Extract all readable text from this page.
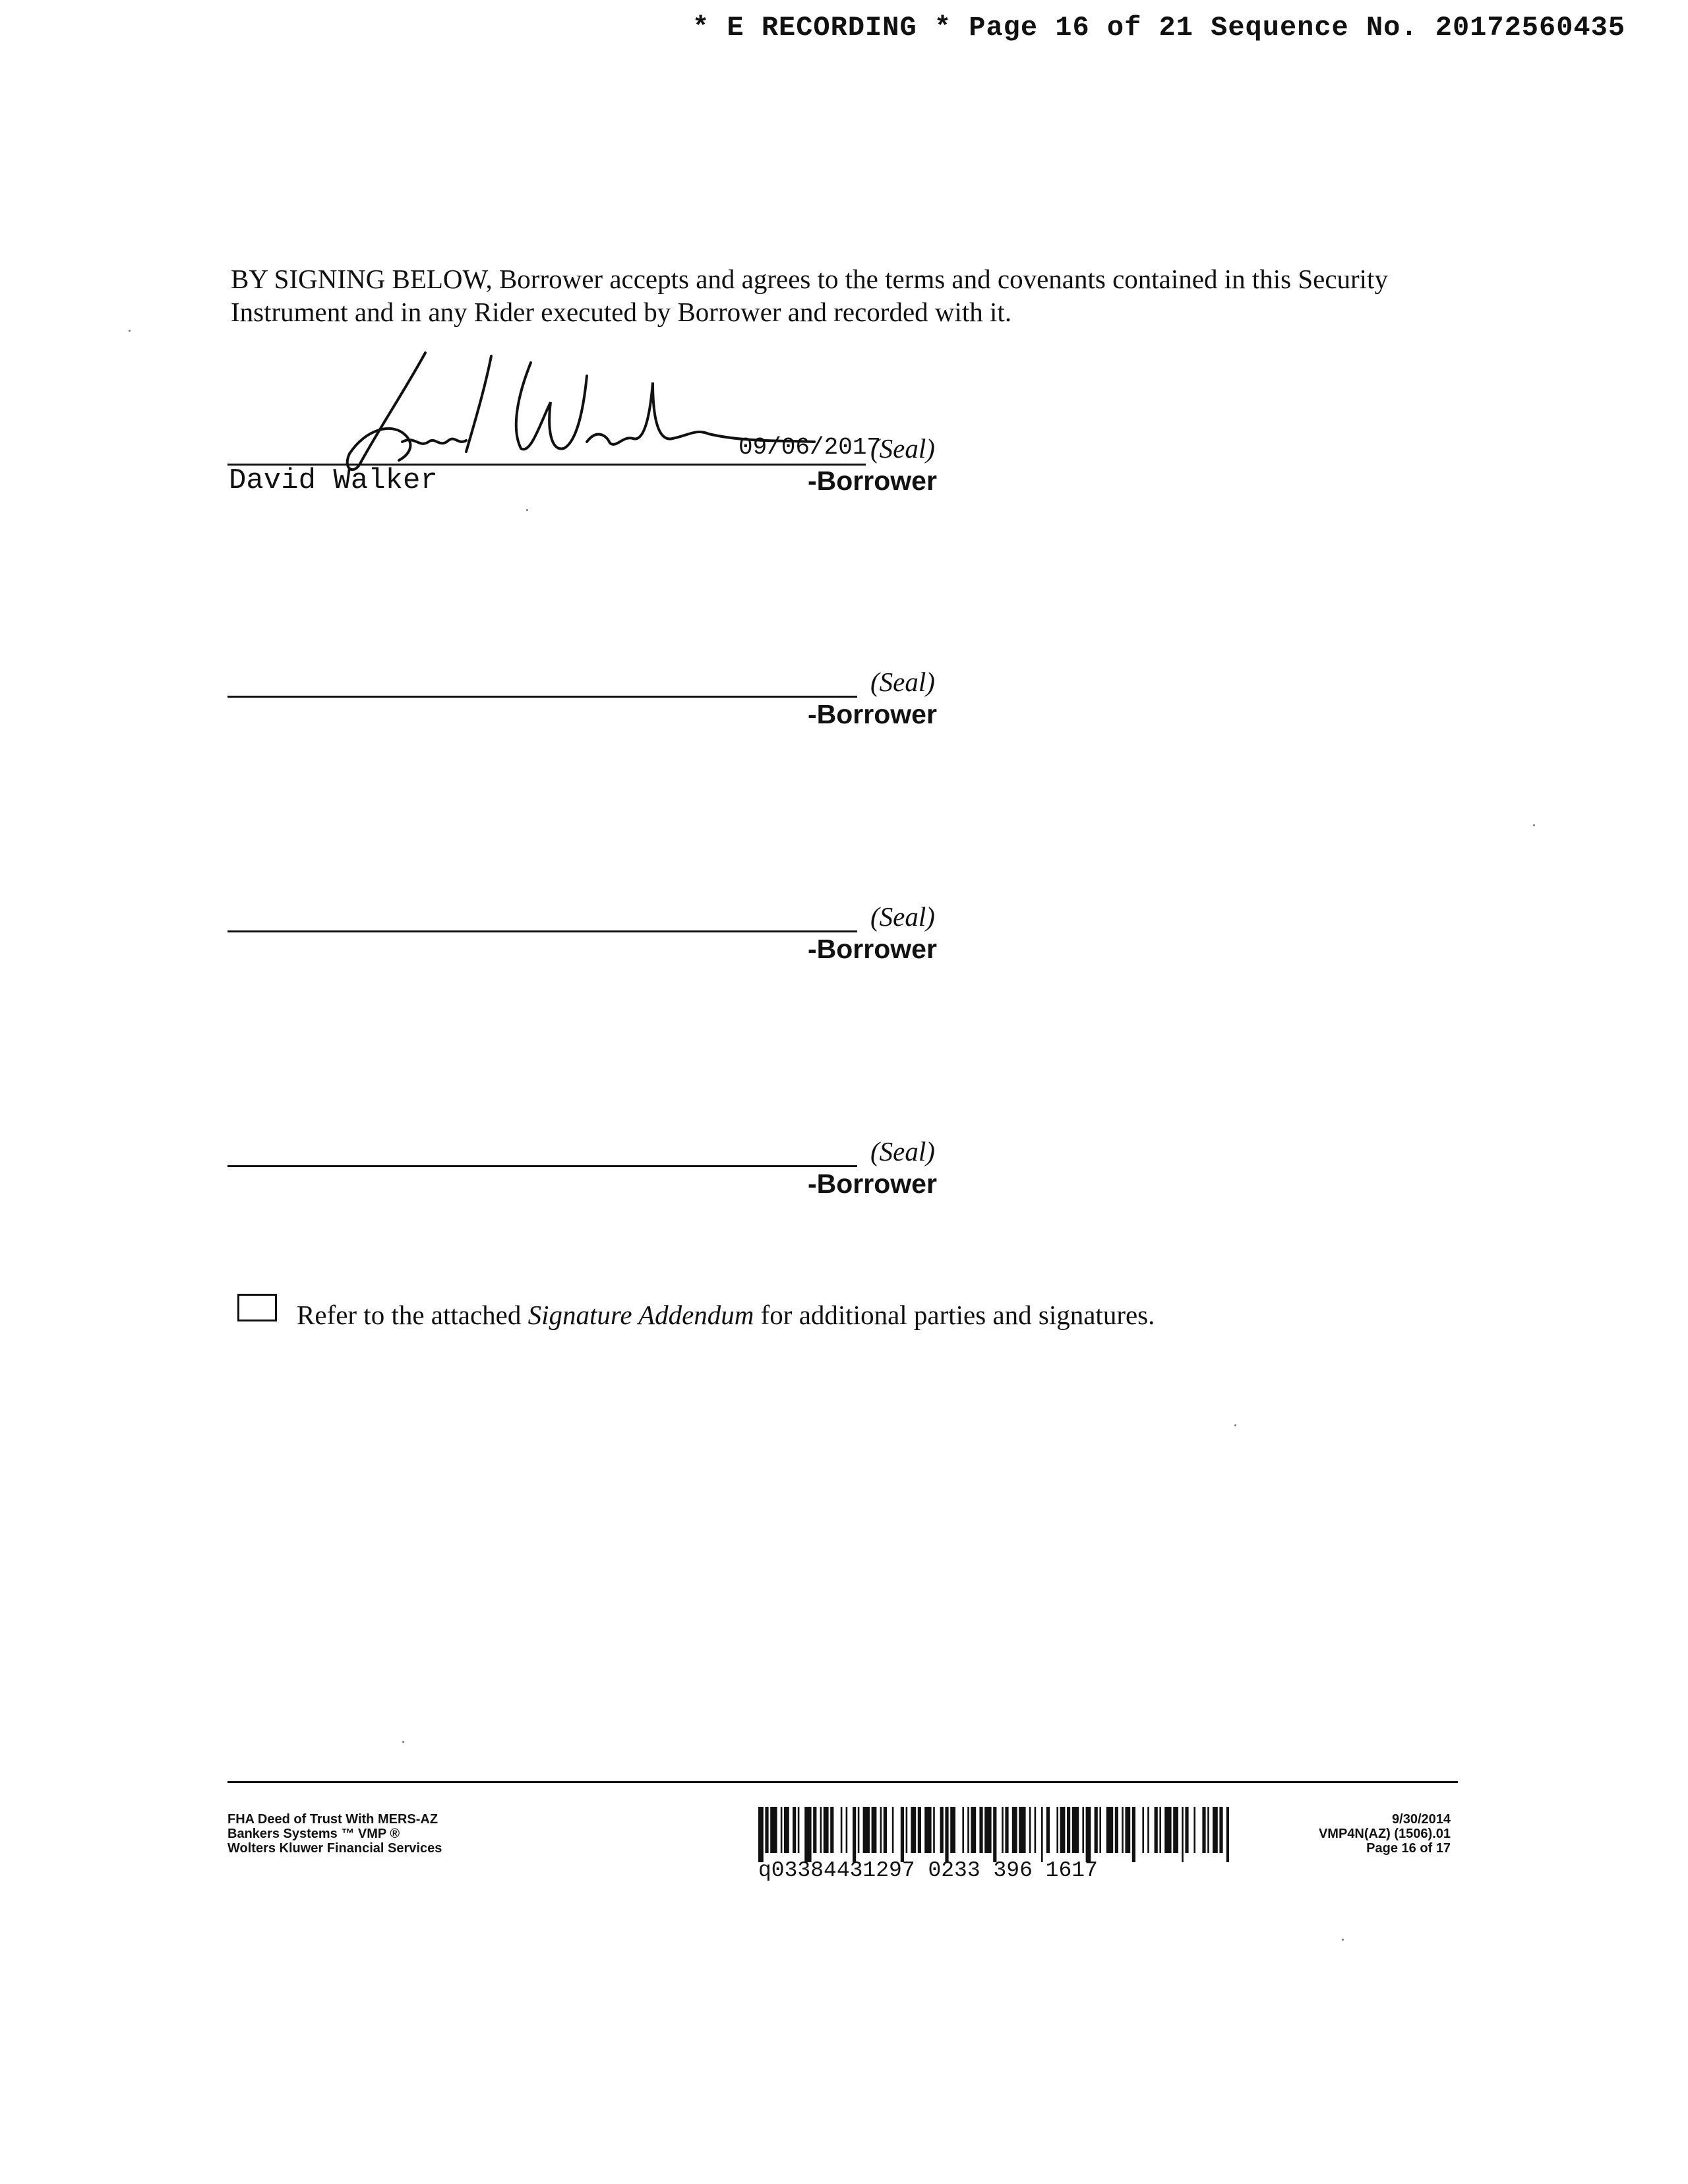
* E RECORDING * Page 16 of 21 Sequence No. 20172560435
BY SIGNING BELOW, Borrower accepts and agrees to the terms and covenants contained in this Security Instrument and in any Rider executed by Borrower and recorded with it.
09/06/2017
(Seal)
David Walker	-Borrower
(Seal)
-Borrower
(Seal)
-Borrower
(Seal)
-Borrower
Refer to the attached Signature Addendum for additional parties and signatures.
FHA Deed of Trust With MERS-AZ
Bankers Systems ™ VMP ®
Wolters Kluwer Financial Services
q03384431297 0233 396 1617
9/30/2014
VMP4N(AZ) (1506).01
Page 16 of 17
